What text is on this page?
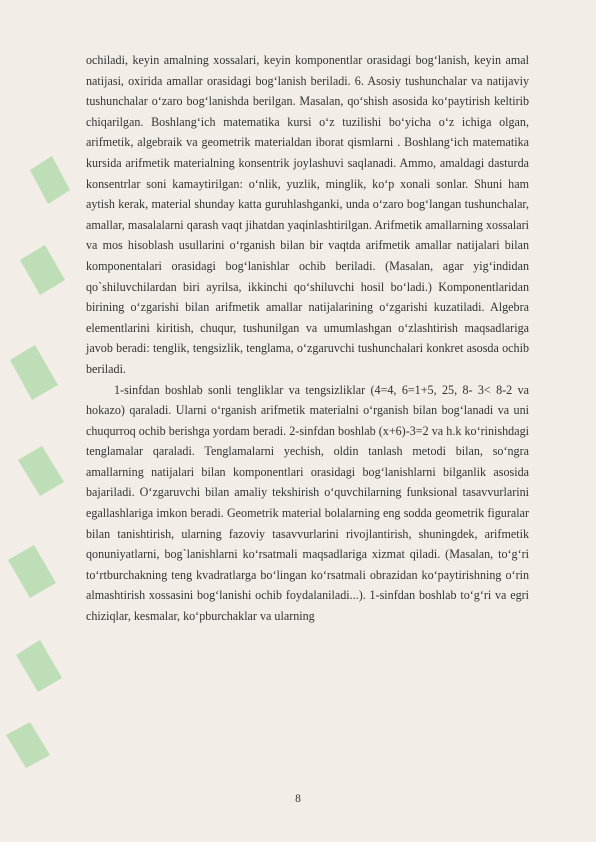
ochiladi, keyin amalning xossalari, keyin komponentlar orasidagi bog‘lanish, keyin amal natijasi, oxirida amallar orasidagi bog‘lanish beriladi. 6. Asosiy tushunchalar va natijaviy tushunchalar o‘zaro bog‘lanishda berilgan. Masalan, qo‘shish asosida ko‘paytirish keltirib chiqarilgan. Boshlang‘ich matematika kursi o‘z tuzilishi bo‘yicha o‘z ichiga olgan, arifmetik, algebraik va geometrik materialdan iborat qismlarni . Boshlang‘ich matematika kursida arifmetik materialning konsentrik joylashuvi saqlanadi. Ammo, amaldagi dasturda konsentrlar soni kamaytirilgan: o‘nlik, yuzlik, minglik, ko‘p xonali sonlar. Shuni ham aytish kerak, material shunday katta guruhlashganki, unda o‘zaro bog‘langan tushunchalar, amallar, masalalarni qarash vaqt jihatdan yaqinlashtirilgan. Arifmetik amallarning xossalari va mos hisoblash usullarini o‘rganish bilan bir vaqtda arifmetik amallar natijalari bilan komponentalari orasidagi bog‘lanishlar ochib beriladi. (Masalan, agar yig‘indidan qo`shiluvchilardan biri ayrilsa, ikkinchi qo‘shiluvchi hosil bo‘ladi.) Komponentlaridan birining o‘zgarishi bilan arifmetik amallar natijalarining o‘zgarishi kuzatiladi. Algebra elementlarini kiritish, chuqur, tushunilgan va umumlashgan o‘zlashtirish maqsadlariga javob beradi: tenglik, tengsizlik, tenglama, o‘zgaruvchi tushunchalari konkret asosda ochib beriladi.

1-sinfdan boshlab sonli tengliklar va tengsizliklar (4=4, 6=1+5, 25, 8- 3< 8-2 va hokazo) qaraladi. Ularni o‘rganish arifmetik materialni o‘rganish bilan bog‘lanadi va uni chuqurroq ochib berishga yordam beradi. 2-sinfdan boshlab (x+6)-3=2 va h.k ko‘rinishdagi tenglamalar qaraladi. Tenglamalarni yechish, oldin tanlash metodi bilan, so‘ngra amallarning natijalari bilan komponentlari orasidagi bog‘lanishlarni bilganlik asosida bajariladi. O‘zgaruvchi bilan amaliy tekshirish o‘quvchilarning funksional tasavvurlarini egallashlariga imkon beradi. Geometrik material bolalarning eng sodda geometrik figuralar bilan tanishtirish, ularning fazoviy tasavvurlarini rivojlantirish, shuningdek, arifmetik qonuniyatlarni, bog`lanishlarni ko‘rsatmali maqsadlariga xizmat qiladi. (Masalan, to‘g‘ri to‘rtburchakning teng kvadratlarga bo‘lingan ko‘rsatmali obrazidan ko‘paytirishning o‘rin almashtirish xossasini bog‘lanishi ochib foydalaniladi...). 1-sinfdan boshlab to‘g‘ri va egri chiziqlar, kesmalar, ko‘pburchaklar va ularning

8
